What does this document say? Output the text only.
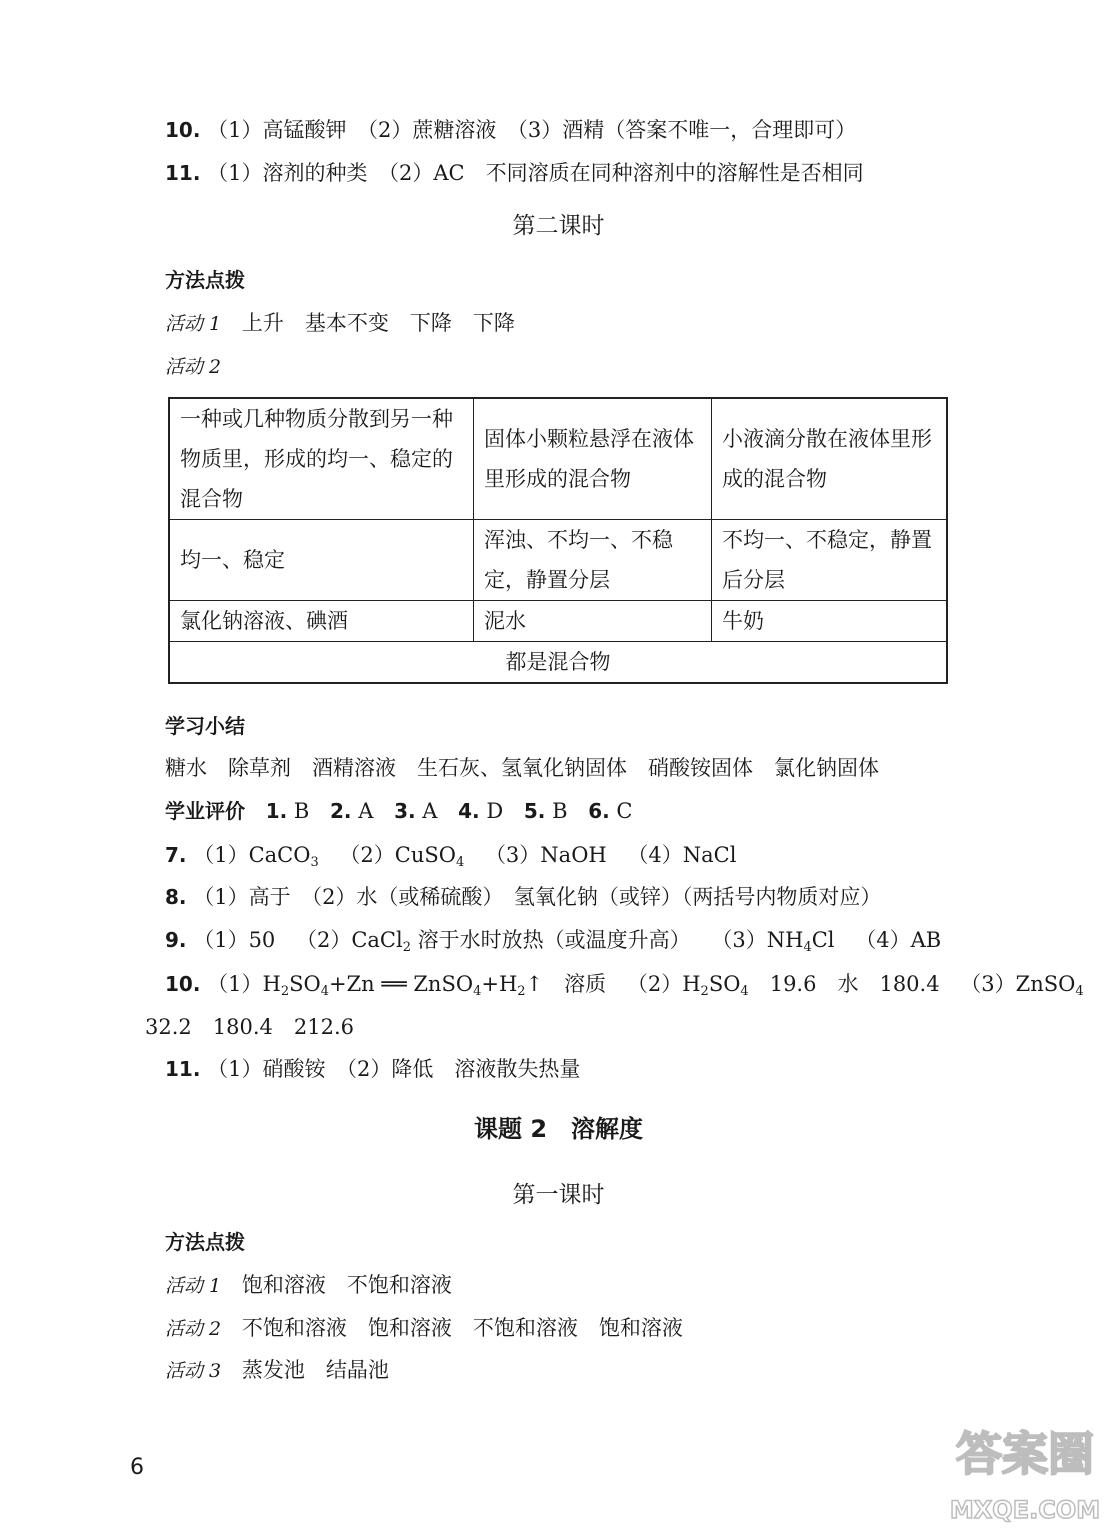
10. （1）高锰酸钾　（2）蔗糖溶液　（3）酒精（答案不唯一，合理即可）
11. （1）溶剂的种类　（2）AC　不同溶质在同种溶剂中的溶解性是否相同
第二课时
方法点拨
活动 1 上升　基本不变　下降　下降
活动 2
一种或几种物质分散到另一种物质里，形成的均一、稳定的混合物	固体小颗粒悬浮在液体里形成的混合物	小液滴分散在液体里形成的混合物
均一、稳定	浑浊、不均一、不稳定，静置分层	不均一、不稳定，静置后分层
氯化钠溶液、碘酒	泥水	牛奶
都是混合物		
学习小结
糖水　除草剂　酒精溶液　生石灰、氢氧化钠固体　硝酸铵固体　氯化钠固体
学业评价 1. B 2. A 3. A 4. D 5. B 6. C
7. （1）CaCO$_3$ （2）CuSO$_4$ （3）NaOH （4）NaCl
8. （1）高于　（2）水（或稀硫酸）　氢氧化钠（或锌）（两括号内物质对应）
9. （1）50 （2）CaCl$_2$ 溶于水时放热（或温度升高） $(3)NH_4Cl$ （4）AB
10. $(1)H_2SO_4+Zn$ ══ $ZnSO_4+H_2↑$　溶质 $(2)H_2SO_4$　19.6　水　180.4 （3）ZnSO$_4$
32.2　180.4　212.6
11. （1）硝酸铵　（2）降低　溶液散失热量
课题 2　溶解度
第一课时
方法点拨
活动 1 饱和溶液　不饱和溶液
活动 2 不饱和溶液　饱和溶液　不饱和溶液　饱和溶液
活动 3 蒸发池　结晶池
6	答案圈
MXQE.COM
